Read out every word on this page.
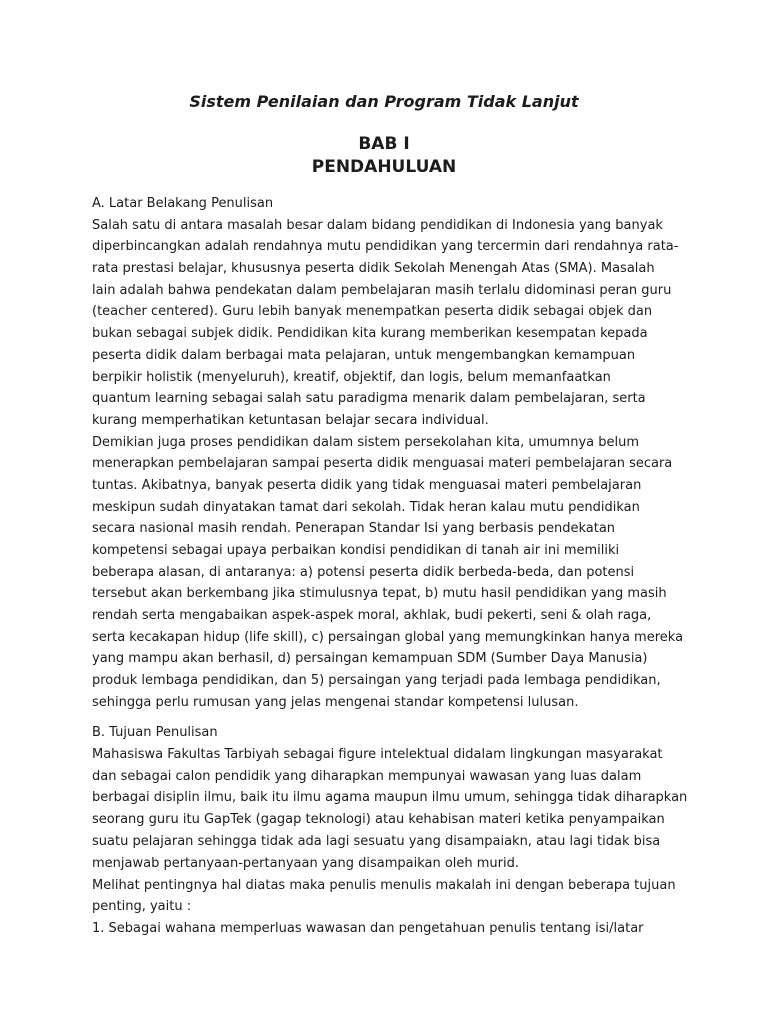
Sistem Penilaian dan Program Tidak Lanjut
BAB I
PENDAHULUAN
A. Latar Belakang Penulisan
Salah satu di antara masalah besar dalam bidang pendidikan di Indonesia yang banyak
diperbincangkan adalah rendahnya mutu pendidikan yang tercermin dari rendahnya rata-
rata prestasi belajar, khususnya peserta didik Sekolah Menengah Atas (SMA). Masalah
lain adalah bahwa pendekatan dalam pembelajaran masih terlalu didominasi peran guru
(teacher centered). Guru lebih banyak menempatkan peserta didik sebagai objek dan
bukan sebagai subjek didik. Pendidikan kita kurang memberikan kesempatan kepada
peserta didik dalam berbagai mata pelajaran, untuk mengembangkan kemampuan
berpikir holistik (menyeluruh), kreatif, objektif, dan logis, belum memanfaatkan
quantum learning sebagai salah satu paradigma menarik dalam pembelajaran, serta
kurang memperhatikan ketuntasan belajar secara individual.
Demikian juga proses pendidikan dalam sistem persekolahan kita, umumnya belum
menerapkan pembelajaran sampai peserta didik menguasai materi pembelajaran secara
tuntas. Akibatnya, banyak peserta didik yang tidak menguasai materi pembelajaran
meskipun sudah dinyatakan tamat dari sekolah. Tidak heran kalau mutu pendidikan
secara nasional masih rendah. Penerapan Standar Isi yang berbasis pendekatan
kompetensi sebagai upaya perbaikan kondisi pendidikan di tanah air ini memiliki
beberapa alasan, di antaranya: a) potensi peserta didik berbeda-beda, dan potensi
tersebut akan berkembang jika stimulusnya tepat, b) mutu hasil pendidikan yang masih
rendah serta mengabaikan aspek-aspek moral, akhlak, budi pekerti, seni & olah raga,
serta kecakapan hidup (life skill), c) persaingan global yang memungkinkan hanya mereka
yang mampu akan berhasil, d) persaingan kemampuan SDM (Sumber Daya Manusia)
produk lembaga pendidikan, dan 5) persaingan yang terjadi pada lembaga pendidikan,
sehingga perlu rumusan yang jelas mengenai standar kompetensi lulusan.
B. Tujuan Penulisan
Mahasiswa Fakultas Tarbiyah sebagai figure intelektual didalam lingkungan masyarakat
dan sebagai calon pendidik yang diharapkan mempunyai wawasan yang luas dalam
berbagai disiplin ilmu, baik itu ilmu agama maupun ilmu umum, sehingga tidak diharapkan
seorang guru itu GapTek (gagap teknologi) atau kehabisan materi ketika penyampaikan
suatu pelajaran sehingga tidak ada lagi sesuatu yang disampaiakn, atau lagi tidak bisa
menjawab pertanyaan-pertanyaan yang disampaikan oleh murid.
Melihat pentingnya hal diatas maka penulis menulis makalah ini dengan beberapa tujuan
penting, yaitu :
1. Sebagai wahana memperluas wawasan dan pengetahuan penulis tentang isi/latar
